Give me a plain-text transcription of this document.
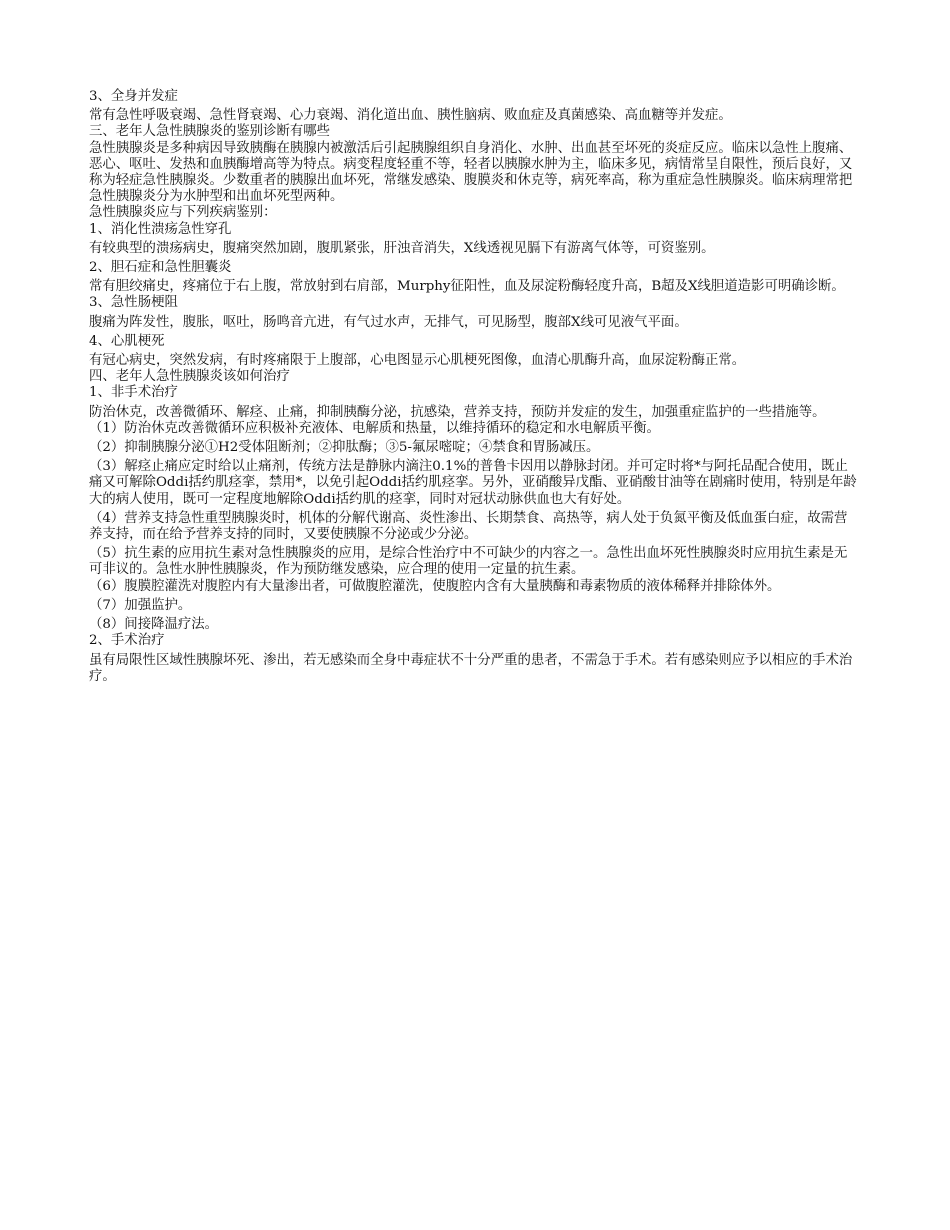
3、全身并发症

常有急性呼吸衰竭、急性肾衰竭、心力衰竭、消化道出血、胰性脑病、败血症及真菌感染、高血糖等并发症。

三、老年人急性胰腺炎的鉴别诊断有哪些

急性胰腺炎是多种病因导致胰酶在胰腺内被激活后引起胰腺组织自身消化、水肿、出血甚至坏死的炎症反应。临床以急性上腹痛、恶心、呕吐、发热和血胰酶增高等为特点。病变程度轻重不等，轻者以胰腺水肿为主，临床多见，病情常呈自限性，预后良好，又称为轻症急性胰腺炎。少数重者的胰腺出血坏死，常继发感染、腹膜炎和休克等，病死率高，称为重症急性胰腺炎。临床病理常把急性胰腺炎分为水肿型和出血坏死型两种。

急性胰腺炎应与下列疾病鉴别：

1、消化性溃疡急性穿孔

有较典型的溃疡病史，腹痛突然加剧，腹肌紧张，肝浊音消失，X线透视见膈下有游离气体等，可资鉴别。

2、胆石症和急性胆囊炎

常有胆绞痛史，疼痛位于右上腹，常放射到右肩部，Murphy征阳性，血及尿淀粉酶轻度升高，B超及X线胆道造影可明确诊断。

3、急性肠梗阻

腹痛为阵发性，腹胀，呕吐，肠鸣音亢进，有气过水声，无排气，可见肠型，腹部X线可见液气平面。

4、心肌梗死

有冠心病史，突然发病，有时疼痛限于上腹部，心电图显示心肌梗死图像，血清心肌酶升高，血尿淀粉酶正常。

四、老年人急性胰腺炎该如何治疗

1、非手术治疗

防治休克，改善微循环、解痉、止痛，抑制胰酶分泌，抗感染，营养支持，预防并发症的发生，加强重症监护的一些措施等。

（1）防治休克改善微循环应积极补充液体、电解质和热量，以维持循环的稳定和水电解质平衡。

（2）抑制胰腺分泌①H2受体阻断剂；②抑肽酶；③5-氟尿嘧啶；④禁食和胃肠减压。

（3）解痉止痛应定时给以止痛剂，传统方法是静脉内滴注0.1%的普鲁卡因用以静脉封闭。并可定时将*与阿托品配合使用，既止痛又可解除Oddi括约肌痉挛，禁用*，以免引起Oddi括约肌痉挛。另外，亚硝酸异戊酯、亚硝酸甘油等在剧痛时使用，特别是年龄大的病人使用，既可一定程度地解除Oddi括约肌的痉挛，同时对冠状动脉供血也大有好处。

（4）营养支持急性重型胰腺炎时，机体的分解代谢高、炎性渗出、长期禁食、高热等，病人处于负氮平衡及低血蛋白症，故需营养支持，而在给予营养支持的同时，又要使胰腺不分泌或少分泌。

（5）抗生素的应用抗生素对急性胰腺炎的应用，是综合性治疗中不可缺少的内容之一。急性出血坏死性胰腺炎时应用抗生素是无可非议的。急性水肿性胰腺炎，作为预防继发感染，应合理的使用一定量的抗生素。

（6）腹膜腔灌洗对腹腔内有大量渗出者，可做腹腔灌洗，使腹腔内含有大量胰酶和毒素物质的液体稀释并排除体外。

（7）加强监护。

（8）间接降温疗法。

2、手术治疗

虽有局限性区域性胰腺坏死、渗出，若无感染而全身中毒症状不十分严重的患者，不需急于手术。若有感染则应予以相应的手术治疗。
